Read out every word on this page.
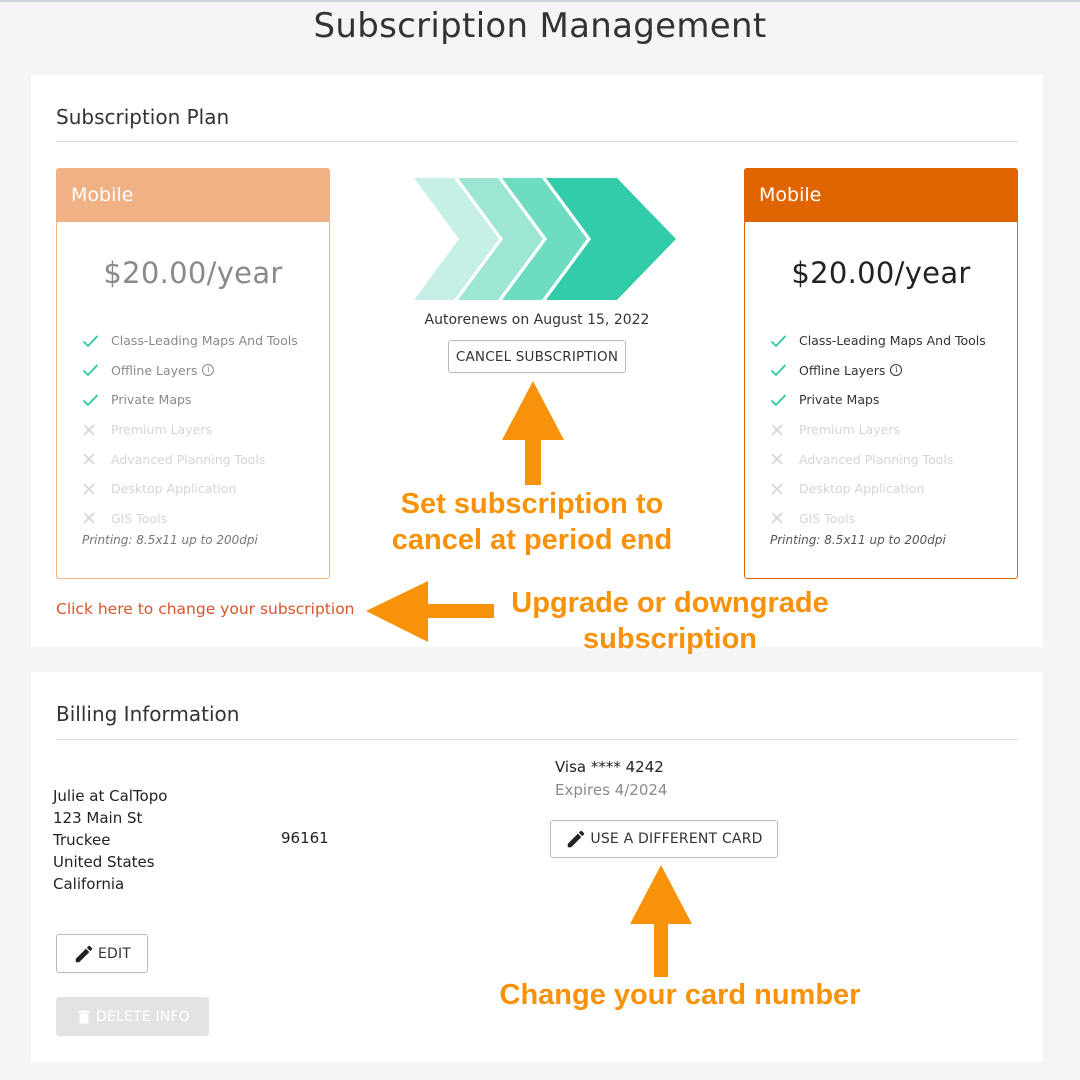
Subscription Management
Subscription Plan
Mobile
$20.00/year
Class-Leading Maps And Tools
Offline Layers	i
Private Maps
Premium Layers
Advanced Planning Tools
Desktop Application
GIS Tools
Printing: 8.5x11 up to 200dpi
Autorenews on August 15, 2022
CANCEL SUBSCRIPTION
Mobile
$20.00/year
Class-Leading Maps And Tools
Offline Layers	i
Private Maps
Premium Layers
Advanced Planning Tools
Desktop Application
GIS Tools
Printing: 8.5x11 up to 200dpi
Click here to change your subscription
Billing Information
Julie at CalTopo
123 Main St
Truckee
United States
California
96161
Visa **** 4242
Expires 4/2024
USE A DIFFERENT CARD
EDIT
DELETE INFO
Set subscription to
cancel at period end
Upgrade or downgrade
subscription
Change your card number
